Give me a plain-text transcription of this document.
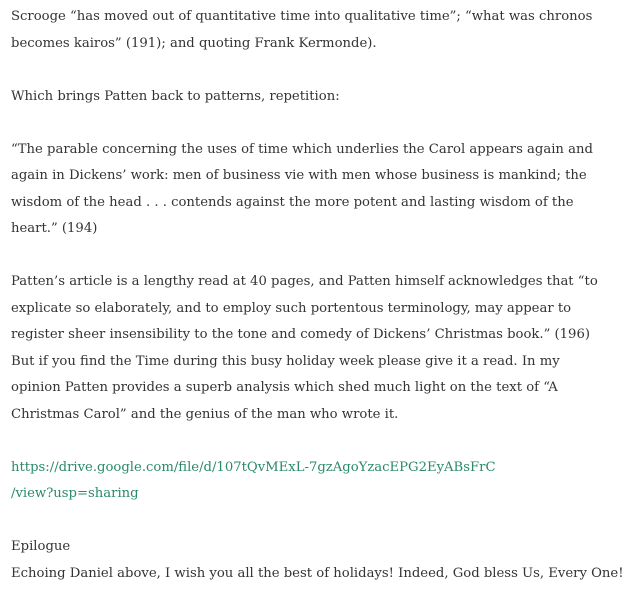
Scrooge “has moved out of quantitative time into qualitative time”; “what was chronos
becomes kairos” (191); and quoting Frank Kermonde).

Which brings Patten back to patterns, repetition:

“The parable concerning the uses of time which underlies the Carol appears again and
again in Dickens’ work: men of business vie with men whose business is mankind; the
wisdom of the head . . . contends against the more potent and lasting wisdom of the
heart.” (194)

Patten’s article is a lengthy read at 40 pages, and Patten himself acknowledges that “to
explicate so elaborately, and to employ such portentous terminology, may appear to
register sheer insensibility to the tone and comedy of Dickens’ Christmas book.” (196)
But if you find the Time during this busy holiday week please give it a read. In my
opinion Patten provides a superb analysis which shed much light on the text of “A
Christmas Carol” and the genius of the man who wrote it.

https://drive.google.com/file/d/107tQvMExL-7gzAgoYzacEPG2EyABsFrC
/view?usp=sharing

Epilogue
Echoing Daniel above, I wish you all the best of holidays! Indeed, God bless Us, Every One!
